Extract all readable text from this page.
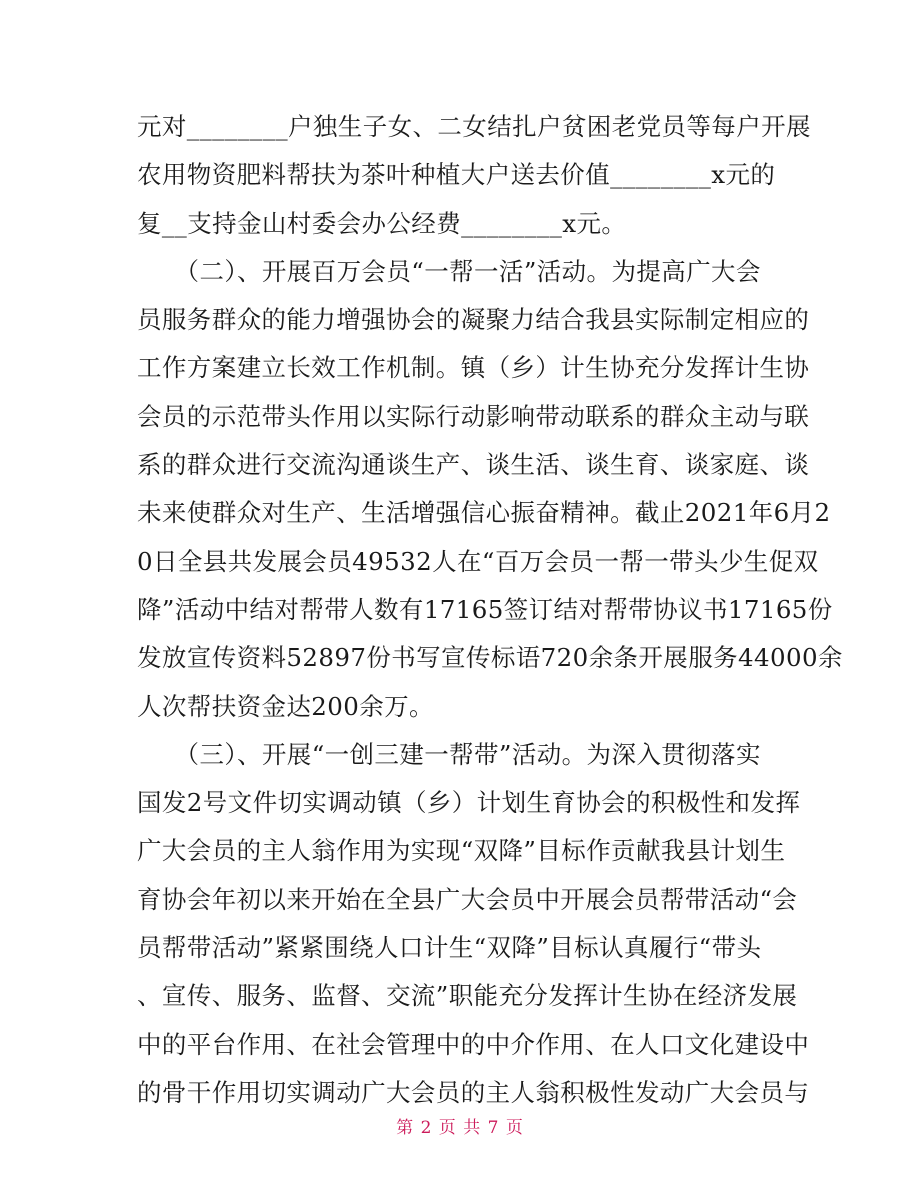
元对________户独生子女、二女结扎户贫困老党员等每户开展
农用物资肥料帮扶为茶叶种植大户送去价值________x元的
复__支持金山村委会办公经费________x元。
　　（二）、开展百万会员“一帮一活”活动。为提高广大会
员服务群众的能力增强协会的凝聚力结合我县实际制定相应的
工作方案建立长效工作机制。镇（乡）计生协充分发挥计生协
会员的示范带头作用以实际行动影响带动联系的群众主动与联
系的群众进行交流沟通谈生产、谈生活、谈生育、谈家庭、谈
未来使群众对生产、生活增强信心振奋精神。截止2021年6月2
0日全县共发展会员49532人在“百万会员一帮一带头少生促双
降”活动中结对帮带人数有17165签订结对帮带协议书17165份
发放宣传资料52897份书写宣传标语720余条开展服务44000余
人次帮扶资金达200余万。
　　（三）、开展“一创三建一帮带”活动。为深入贯彻落实
国发2号文件切实调动镇（乡）计划生育协会的积极性和发挥
广大会员的主人翁作用为实现“双降”目标作贡献我县计划生
育协会年初以来开始在全县广大会员中开展会员帮带活动“会
员帮带活动”紧紧围绕人口计生“双降”目标认真履行“带头
、宣传、服务、监督、交流”职能充分发挥计生协在经济发展
中的平台作用、在社会管理中的中介作用、在人口文化建设中
的骨干作用切实调动广大会员的主人翁积极性发动广大会员与
第 2 页 共 7 页
